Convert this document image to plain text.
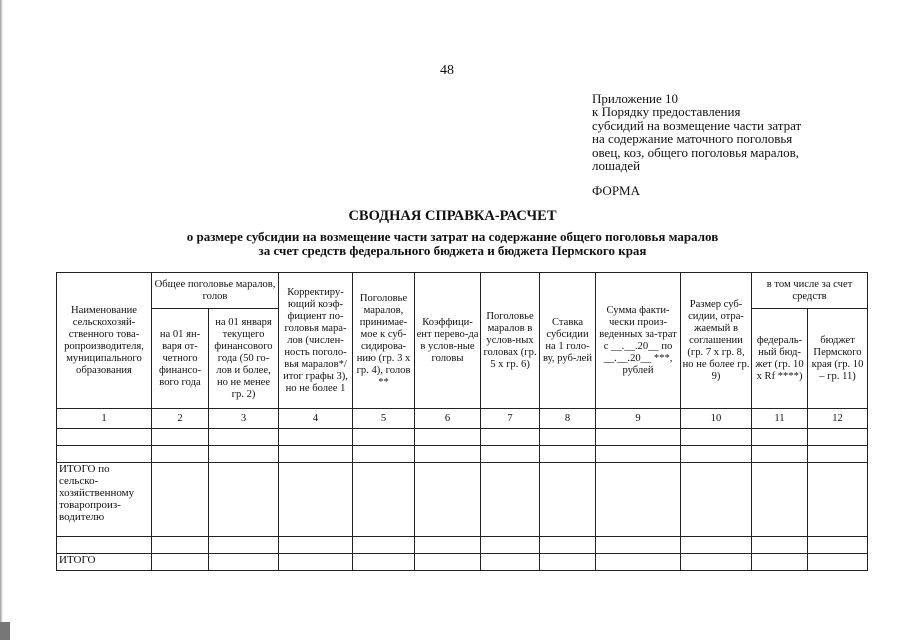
48
Приложение 10
к Порядку предоставления
субсидий на возмещение части затрат
на содержание маточного поголовья
овец, коз, общего поголовья маралов,
лошадей
ФОРМА
СВОДНАЯ СПРАВКА-РАСЧЕТ
о размере субсидии на возмещение части затрат на содержание общего поголовья маралов
за счет средств федерального бюджета и бюджета Пермского края
Наименование сельскохозяй-ственного това-ропроизводителя, муниципального образования	Общее поголовье маралов, голов		Корректиру-ющий коэф-фициент по-головья мара-лов (числен-ность поголо-вья маралов*/ итог графы 3), но не более 1	Поголовье маралов, принимае-мое к суб-сидирова-нию (гр. 3 х гр. 4), голов **	Коэффици-ент перево-да в услов-ные головы	Поголовье маралов в услов-ных головах (гр. 5 х гр. 6)	Ставка субсидии на 1 голо-ву, руб-лей	Сумма факти-чески произ-веденных за-трат с __.__.20__ по __.__.20__ ***, рублей	Размер суб-сидии, отра-жаемый в соглашении (гр. 7 х гр. 8, но не более гр. 9)	в том числе за счет средств	
	на 01 ян-варя от-четного финансо-вого года	на 01 января текущего финансового года (50 го-лов и более, но не менее гр. 2)								федераль-ный бюд-жет (гр. 10 х Rf ****)	бюджет Пермского края (гр. 10 – гр. 11)
1	2	3	4	5	6	7	8	9	10	11	12

ИТОГО по сельско-хозяйственному товаропроиз-водителю											

ИТОГО											
